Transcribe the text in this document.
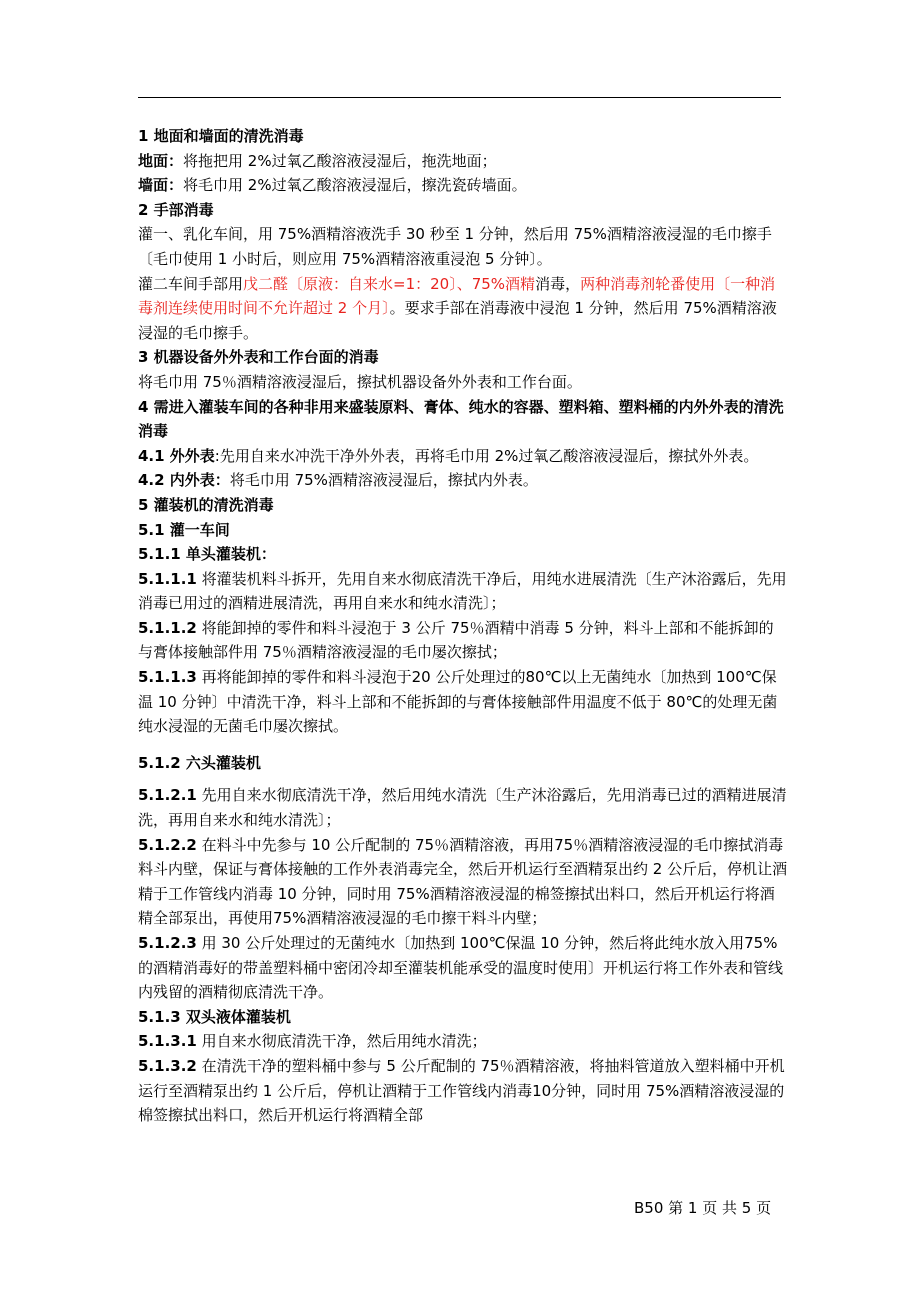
1 地面和墙面的清洗消毒

地面：将拖把用 2%过氧乙酸溶液浸湿后，拖洗地面；

墙面：将毛巾用 2%过氧乙酸溶液浸湿后，擦洗瓷砖墙面。

2 手部消毒

灌一、乳化车间，用 75%酒精溶液洗手 30 秒至 1 分钟，然后用 75%酒精溶液浸湿的毛巾擦手〔毛巾使用 1 小时后，则应用 75%酒精溶液重浸泡 5 分钟〕。

灌二车间手部用戊二醛〔原液：自来水=1：20〕、75%酒精消毒，两种消毒剂轮番使用〔一种消毒剂连续使用时间不允许超过 2 个月〕。要求手部在消毒液中浸泡 1 分钟，然后用 75%酒精溶液浸湿的毛巾擦手。

3 机器设备外外表和工作台面的消毒

将毛巾用 75％酒精溶液浸湿后，擦拭机器设备外外表和工作台面。

4 需进入灌装车间的各种非用来盛装原料、膏体、纯水的容器、塑料箱、塑料桶的内外外表的清洗消毒

4.1 外外表:先用自来水冲洗干净外外表，再将毛巾用 2%过氧乙酸溶液浸湿后，擦拭外外表。

4.2 内外表：将毛巾用 75%酒精溶液浸湿后，擦拭内外表。

5 灌装机的清洗消毒

5.1 灌一车间

5.1.1 单头灌装机：

5.1.1.1 将灌装机料斗拆开，先用自来水彻底清洗干净后，用纯水进展清洗〔生产沐浴露后，先用消毒已用过的酒精进展清洗，再用自来水和纯水清洗〕；

5.1.1.2 将能卸掉的零件和料斗浸泡于 3 公斤 75％酒精中消毒 5 分钟，料斗上部和不能拆卸的与膏体接触部件用 75％酒精溶液浸湿的毛巾屡次擦拭；

5.1.1.3 再将能卸掉的零件和料斗浸泡于20 公斤处理过的80℃以上无菌纯水〔加热到 100℃保温 10 分钟〕中清洗干净，料斗上部和不能拆卸的与膏体接触部件用温度不低于 80℃的处理无菌纯水浸湿的无菌毛巾屡次擦拭。

5.1.2 六头灌装机

5.1.2.1 先用自来水彻底清洗干净，然后用纯水清洗〔生产沐浴露后，先用消毒已过的酒精进展清洗，再用自来水和纯水清洗〕；

5.1.2.2 在料斗中先参与 10 公斤配制的 75％酒精溶液，再用75％酒精溶液浸湿的毛巾擦拭消毒料斗内壁，保证与膏体接触的工作外表消毒完全，然后开机运行至酒精泵出约 2 公斤后，停机让酒精于工作管线内消毒 10 分钟，同时用 75%酒精溶液浸湿的棉签擦拭出料口，然后开机运行将酒精全部泵出，再使用75%酒精溶液浸湿的毛巾擦干料斗内壁；

5.1.2.3 用 30 公斤处理过的无菌纯水〔加热到 100℃保温 10 分钟，然后将此纯水放入用75%的酒精消毒好的带盖塑料桶中密闭冷却至灌装机能承受的温度时使用〕开机运行将工作外表和管线内残留的酒精彻底清洗干净。

5.1.3 双头液体灌装机

5.1.3.1 用自来水彻底清洗干净，然后用纯水清洗；

5.1.3.2 在清洗干净的塑料桶中参与 5 公斤配制的 75％酒精溶液，将抽料管道放入塑料桶中开机运行至酒精泵出约 1 公斤后，停机让酒精于工作管线内消毒10分钟，同时用 75%酒精溶液浸湿的棉签擦拭出料口，然后开机运行将酒精全部

B50 第 1 页 共 5 页
